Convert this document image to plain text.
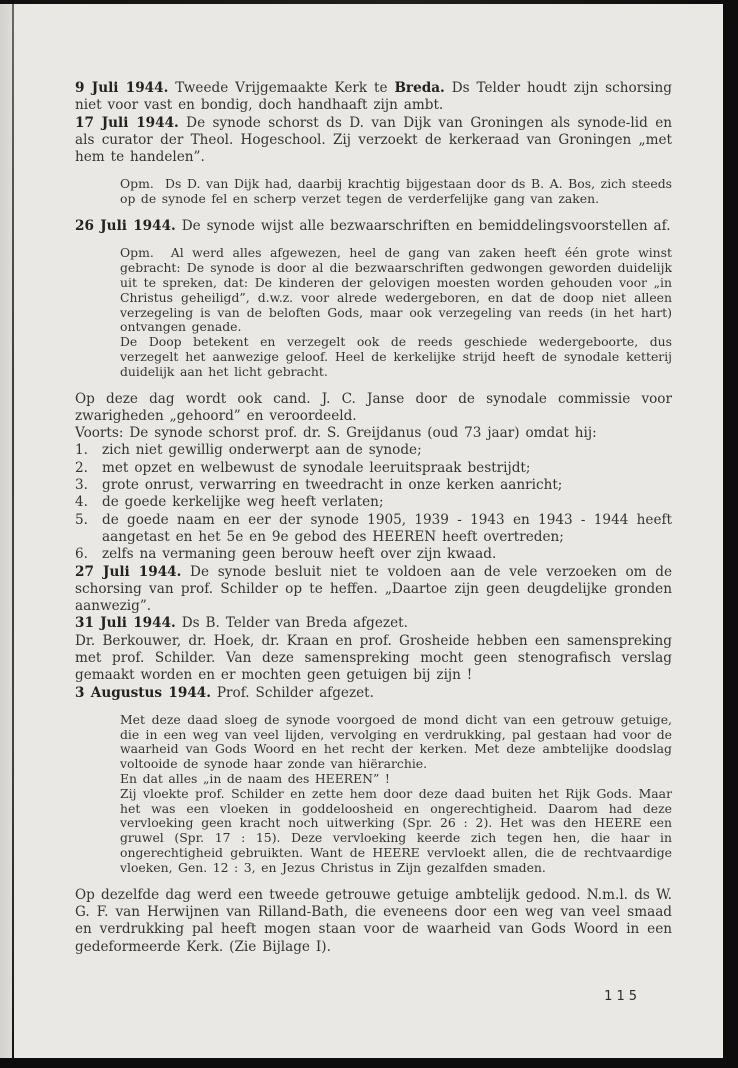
9 Juli 1944. Tweede Vrijgemaakte Kerk te Breda. Ds Telder houdt zijn schorsing niet voor vast en bondig, doch handhaaft zijn ambt.

17 Juli 1944. De synode schorst ds D. van Dijk van Groningen als synode-lid en als curator der Theol. Hogeschool. Zij verzoekt de kerkeraad van Groningen „met hem te handelen”.

Opm.  Ds D. van Dijk had, daarbij krachtig bijgestaan door ds B. A. Bos, zich steeds op de synode fel en scherp verzet tegen de verderfelijke gang van zaken.

26 Juli 1944. De synode wijst alle bezwaarschriften en bemiddelingsvoorstellen af.

Opm.  Al werd alles afgewezen, heel de gang van zaken heeft één grote winst gebracht: De synode is door al die bezwaarschriften gedwongen geworden duidelijk uit te spreken, dat: De kinderen der gelovigen moesten worden gehouden voor „in Christus geheiligd”, d.w.z. voor alrede wedergeboren, en dat de doop niet alleen verzegeling is van de beloften Gods, maar ook verzegeling van reeds (in het hart) ontvangen genade.

De Doop betekent en verzegelt ook de reeds geschiede wedergeboorte, dus verzegelt het aanwezige geloof. Heel de kerkelijke strijd heeft de synodale ketterij duidelijk aan het licht gebracht.

Op deze dag wordt ook cand. J. C. Janse door de synodale commissie voor zwarigheden „gehoord” en veroordeeld.

Voorts: De synode schorst prof. dr. S. Greijdanus (oud 73 jaar) omdat hij:

1.	zich niet gewillig onderwerpt aan de synode;
2.	met opzet en welbewust de synodale leeruitspraak bestrijdt;
3.	grote onrust, verwarring en tweedracht in onze kerken aanricht;
4.	de goede kerkelijke weg heeft verlaten;
5.	de goede naam en eer der synode 1905, 1939 - 1943 en 1943 - 1944 heeft aangetast en het 5e en 9e gebod des HEEREN heeft overtreden;
6.	zelfs na vermaning geen berouw heeft over zijn kwaad.

27 Juli 1944. De synode besluit niet te voldoen aan de vele verzoeken om de schorsing van prof. Schilder op te heffen. „Daartoe zijn geen deugdelijke gronden aanwezig”.

31 Juli 1944. Ds B. Telder van Breda afgezet.

Dr. Berkouwer, dr. Hoek, dr. Kraan en prof. Grosheide hebben een samenspreking met prof. Schilder. Van deze samenspreking mocht geen stenografisch verslag gemaakt worden en er mochten geen getuigen bij zijn !

3 Augustus 1944. Prof. Schilder afgezet.

Met deze daad sloeg de synode voorgoed de mond dicht van een getrouw getuige, die in een weg van veel lijden, vervolging en verdrukking, pal gestaan had voor de waarheid van Gods Woord en het recht der kerken. Met deze ambtelijke doodslag voltooide de synode haar zonde van hiërarchie.

En dat alles „in de naam des HEEREN” !

Zij vloekte prof. Schilder en zette hem door deze daad buiten het Rijk Gods. Maar het was een vloeken in goddeloosheid en ongerechtigheid. Daarom had deze vervloeking geen kracht noch uitwerking (Spr. 26 : 2). Het was den HEERE een gruwel (Spr. 17 : 15). Deze vervloeking keerde zich tegen hen, die haar in ongerechtigheid gebruikten. Want de HEERE vervloekt allen, die de rechtvaardige vloeken, Gen. 12 : 3, en Jezus Christus in Zijn gezalfden smaden.

Op dezelfde dag werd een tweede getrouwe getuige ambtelijk gedood. N.m.l. ds W. G. F. van Herwijnen van Rilland-Bath, die eveneens door een weg van veel smaad en verdrukking pal heeft mogen staan voor de waarheid van Gods Woord in een gedeformeerde Kerk. (Zie Bijlage I).

115
